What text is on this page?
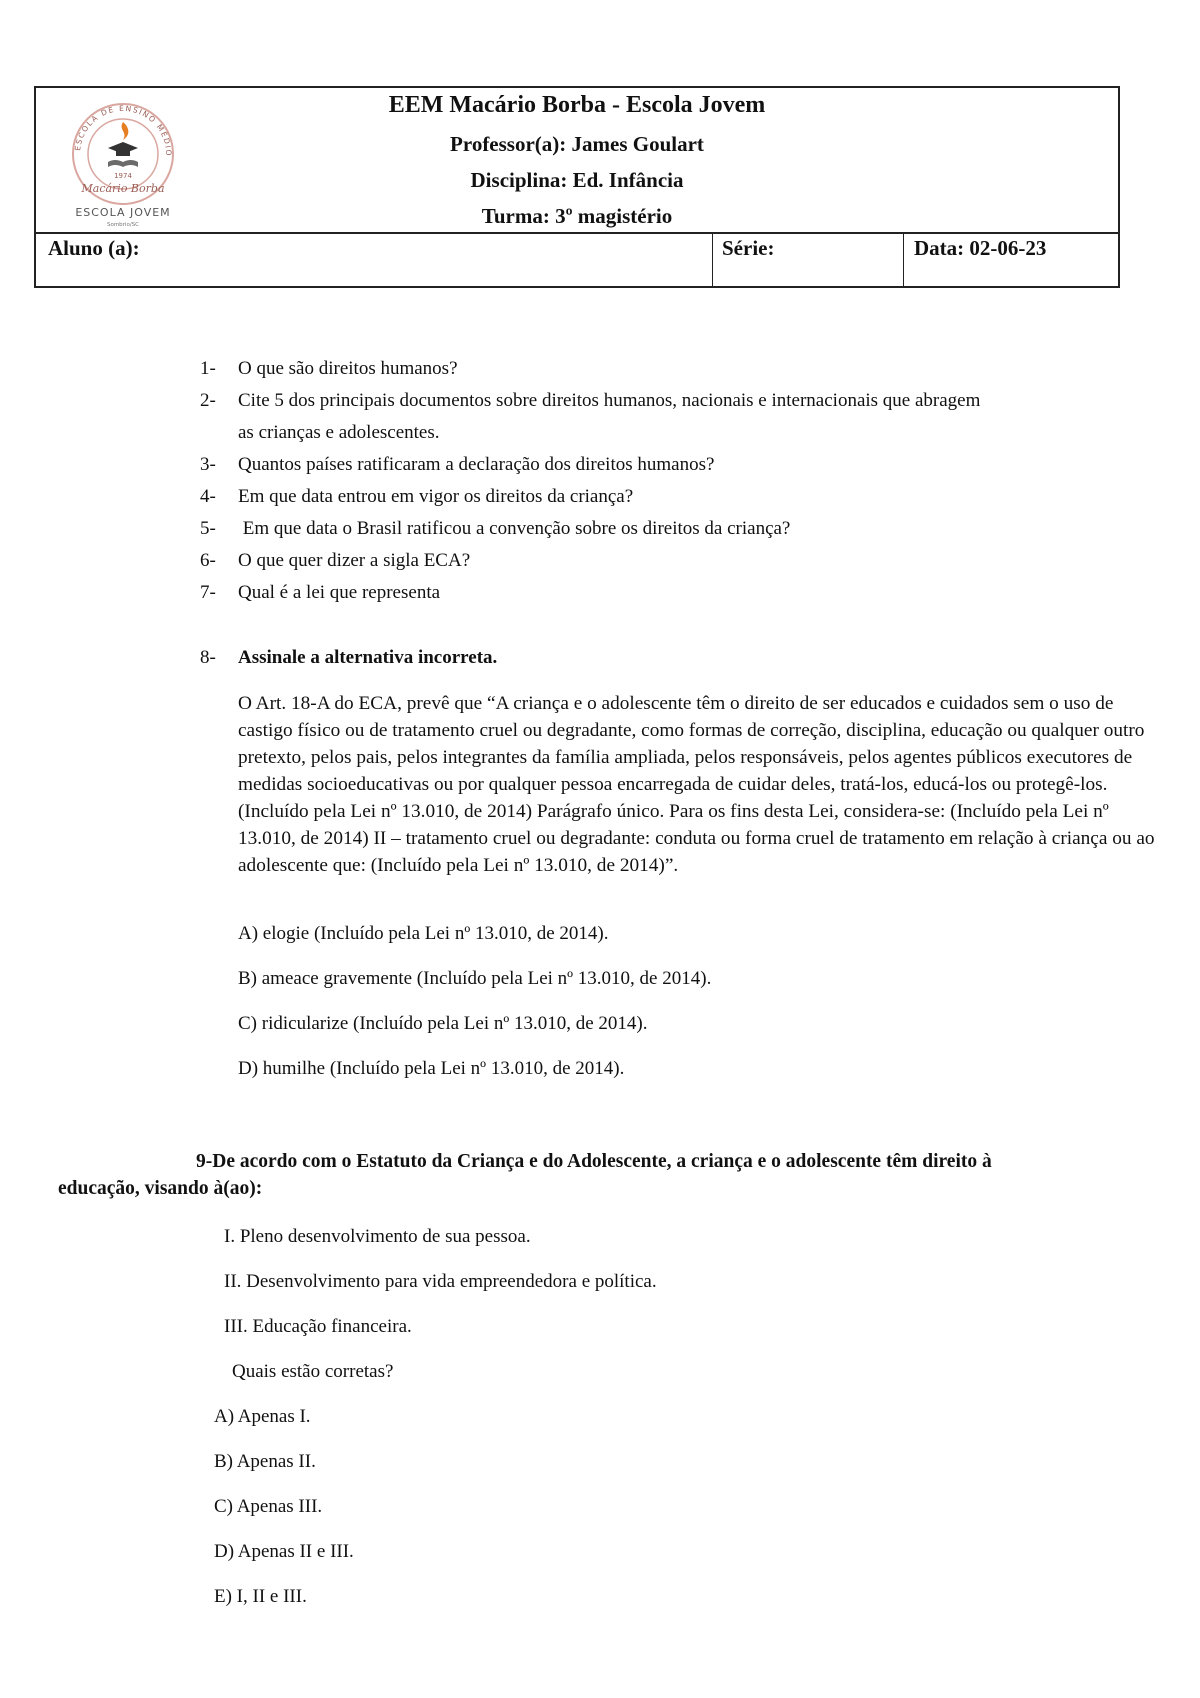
ESCOLA DE ENSINO MÉDIO
1974
Macário Borba
ESCOLA JOVEM
Sombrio/SC
EEM Macário Borba - Escola Jovem
Professor(a): James Goulart
Disciplina: Ed. Infância
Turma: 3º magistério
Aluno (a):	Série:	Data: 02-06-23
1-	O que são direitos humanos?
2-	Cite 5 dos principais documentos sobre direitos humanos, nacionais e internacionais que abragem
as crianças e adolescentes.
3-	Quantos países ratificaram a declaração dos direitos humanos?
4-	Em que data entrou em vigor os direitos da criança?
5-	Em que data o Brasil ratificou a convenção sobre os direitos da criança?
6-	O que quer dizer a sigla ECA?
7-	Qual é a lei que representa
8-	Assinale a alternativa incorreta.
O Art. 18-A do ECA, prevê que “A criança e o adolescente têm o direito de ser educados e cuidados sem o uso de castigo físico ou de tratamento cruel ou degradante, como formas de correção, disciplina, educação ou qualquer outro pretexto, pelos pais, pelos integrantes da família ampliada, pelos responsáveis, pelos agentes públicos executores de medidas socioeducativas ou por qualquer pessoa encarregada de cuidar deles, tratá-los, educá-los ou protegê-los. (Incluído pela Lei nº 13.010, de 2014) Parágrafo único. Para os fins desta Lei, considera-se: (Incluído pela Lei nº 13.010, de 2014) II – tratamento cruel ou degradante: conduta ou forma cruel de tratamento em relação à criança ou ao adolescente que: (Incluído pela Lei nº 13.010, de 2014)”.
A) elogie (Incluído pela Lei nº 13.010, de 2014).
B) ameace gravemente (Incluído pela Lei nº 13.010, de 2014).
C) ridicularize (Incluído pela Lei nº 13.010, de 2014).
D) humilhe (Incluído pela Lei nº 13.010, de 2014).
9-De acordo com o Estatuto da Criança e do Adolescente, a criança e o adolescente têm direito à
educação, visando à(ao):
I. Pleno desenvolvimento de sua pessoa.
II. Desenvolvimento para vida empreendedora e política.
III. Educação financeira.
Quais estão corretas?
A) Apenas I.
B) Apenas II.
C) Apenas III.
D) Apenas II e III.
E) I, II e III.
